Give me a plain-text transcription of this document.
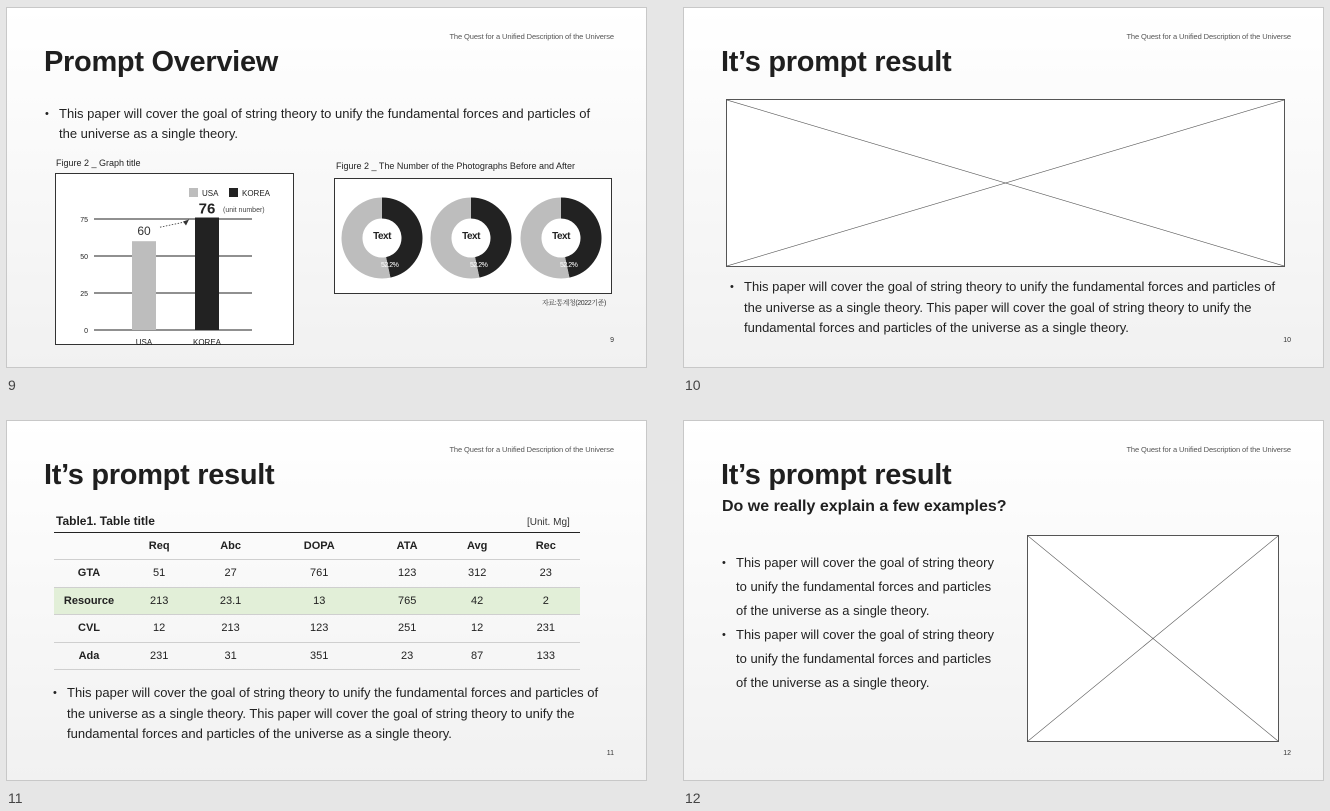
The Quest for a Unified Description of the Universe
Prompt Overview
• This paper will cover the goal of string theory to unify the fundamental forces and particles of the universe as a single theory.
Figure 2 _ Graph title
0
25
50
75
USA	KOREA
60
76
USA	KOREA
(unit number)
Figure 2 _ The Number of the Photographs Before and After
Text
52.2%
Text
52.2%
Text
52.2%
자료:통계청(2022기준)
9
9
The Quest for a Unified Description of the Universe
It’s prompt result
• This paper will cover the goal of string theory to unify the fundamental forces and particles of the universe as a single theory. This paper will cover the goal of string theory to unify the fundamental forces and particles of the universe as a single theory.
10
10
The Quest for a Unified Description of the Universe
It’s prompt result
Table1. Table title	[Unit. Mg]
	Req	Abc	DOPA	ATA	Avg	Rec
GTA	51	27	761	123	312	23
Resource	213	23.1	13	765	42	2
CVL	12	213	123	251	12	231
Ada	231	31	351	23	87	133
• This paper will cover the goal of string theory to unify the fundamental forces and particles of the universe as a single theory. This paper will cover the goal of string theory to unify the fundamental forces and particles of the universe as a single theory.
11
11
The Quest for a Unified Description of the Universe
It’s prompt result
Do we really explain a few examples?
• This paper will cover the goal of string theory to unify the fundamental forces and particles of the universe as a single theory.
• This paper will cover the goal of string theory to unify the fundamental forces and particles of the universe as a single theory.
12
12
